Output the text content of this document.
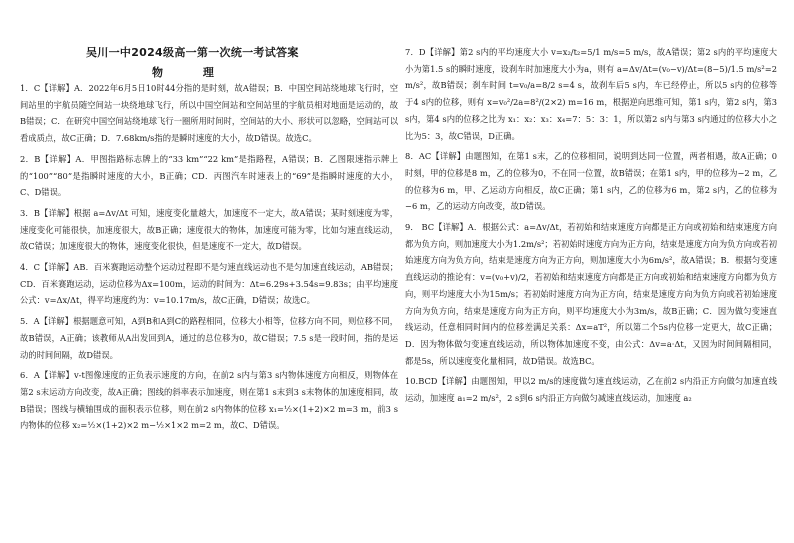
吴川一中2024级高一第一次统一考试答案
物 理

1．C【详解】A．2022年6月5日10时44分指的是时刻，故A错误；B．中国空间站绕地球飞行时，空间站里的宇航员随空间站一块绕地球飞行，所以中国空间站和空间站里的宇航员相对地面是运动的，故B错误；C．在研究中国空间站绕地球飞行一圈所用时间时，空间站的大小、形状可以忽略，空间站可以看成质点，故C正确；D．7.68km/s指的是瞬时速度的大小，故D错误。故选C。

2．B【详解】A．甲图指路标志牌上的“33 km”“22 km”是指路程，A错误；B．乙图限速指示牌上的“100”“80”是指瞬时速度的大小，B正确；CD．丙图汽车时速表上的“69”是指瞬时速度的大小，C、D错误。

3．B【详解】根据 a=Δv/Δt 可知，速度变化量越大，加速度不一定大，故A错误；某时刻速度为零，速度变化可能很快，加速度很大，故B正确；速度很大的物体，加速度可能为零，比如匀速直线运动，故C错误；加速度很大的物体，速度变化很快，但是速度不一定大，故D错误。

4．C【详解】AB．百米赛跑运动整个运动过程即不是匀速直线运动也不是匀加速直线运动，AB错误；CD．百米赛跑运动，运动位移为Δx=100m，运动的时间为：Δt=6.29s+3.54s=9.83s；由平均速度公式：v=Δx/Δt，得平均速度约为：v=10.17m/s，故C正确，D错误；故选C。

5．A【详解】根据题意可知，A到B和A到C的路程相同，位移大小相等，位移方向不同，则位移不同，故B错误，A正确；该教师从A出发回到A，通过的总位移为0，故C错误；7.5 s是一段时间，指的是运动的时间间隔，故D错误。

6．A【详解】v-t图像速度的正负表示速度的方向，在前2 s内与第3 s内物体速度方向相反，则物体在第2 s末运动方向改变，故A正确；图线的斜率表示加速度，则在第1 s末到3 s末物体的加速度相同，故B错误；图线与横轴围成的面积表示位移，则在前2 s内物体的位移 x₁=½×(1+2)×2 m=3 m，前3 s内物体的位移 x₂=½×(1+2)×2 m−½×1×2 m=2 m，故C、D错误。

7．D【详解】第2 s内的平均速度大小 v=x₂/t₂=5/1 m/s=5 m/s，故A错误；第2 s内的平均速度大小为第1.5 s的瞬时速度，设刹车时加速度大小为a，则有 a=Δv/Δt=(v₀−v)/Δt=(8−5)/1.5 m/s²=2 m/s²，故B错误；刹车时间 t=v₀/a=8/2 s=4 s，故刹车后5 s内，车已经停止，所以5 s内的位移等于4 s内的位移，则有 x=v₀²/2a=8²/(2×2) m=16 m，根据逆向思维可知，第1 s内，第2 s内，第3 s内，第4 s内的位移之比为 x₁：x₂：x₃：x₄=7：5：3：1，所以第2 s内与第3 s内通过的位移大小之比为5：3，故C错误，D正确。

8．AC【详解】由题图知，在第1 s末，乙的位移相同，说明到达同一位置，两者相遇，故A正确；0时刻，甲的位移是8 m，乙的位移为0，不在同一位置，故B错误；在第1 s内，甲的位移为−2 m，乙的位移为6 m，甲、乙运动方向相反，故C正确；第1 s内，乙的位移为6 m，第2 s内，乙的位移为−6 m，乙的运动方向改变，故D错误。

9． BC【详解】A．根据公式：a=Δv/Δt，若初始和结束速度方向都是正方向或初始和结束速度方向都为负方向，则加速度大小为1.2m/s²；若初始时速度方向为正方向，结束是速度方向为负方向或若初始速度方向为负方向，结束是速度方向为正方向，则加速度大小为6m/s²，故A错误；B．根据匀变速直线运动的推论有：v=(v₀+v)/2，若初始和结束速度方向都是正方向或初始和结束速度方向都为负方向，则平均速度大小为15m/s；若初始时速度方向为正方向，结束是速度方向为负方向或若初始速度方向为负方向，结束是速度方向为正方向，则平均速度大小为3m/s，故B正确；C．因为做匀变速直线运动，任意相同时间内的位移差满足关系：Δx=aT²，所以第二个5s内位移一定更大，故C正确；D．因为物体做匀变速直线运动，所以物体加速度不变，由公式：Δv=a·Δt，又因为时间间隔相同，都是5s，所以速度变化量相同，故D错误。故选BC。

10.BCD【详解】由题图知，甲以2 m/s的速度做匀速直线运动，乙在前2 s内沿正方向做匀加速直线运动，加速度 a₁=2 m/s²，2 s到6 s内沿正方向做匀减速直线运动，加速度 a₂
